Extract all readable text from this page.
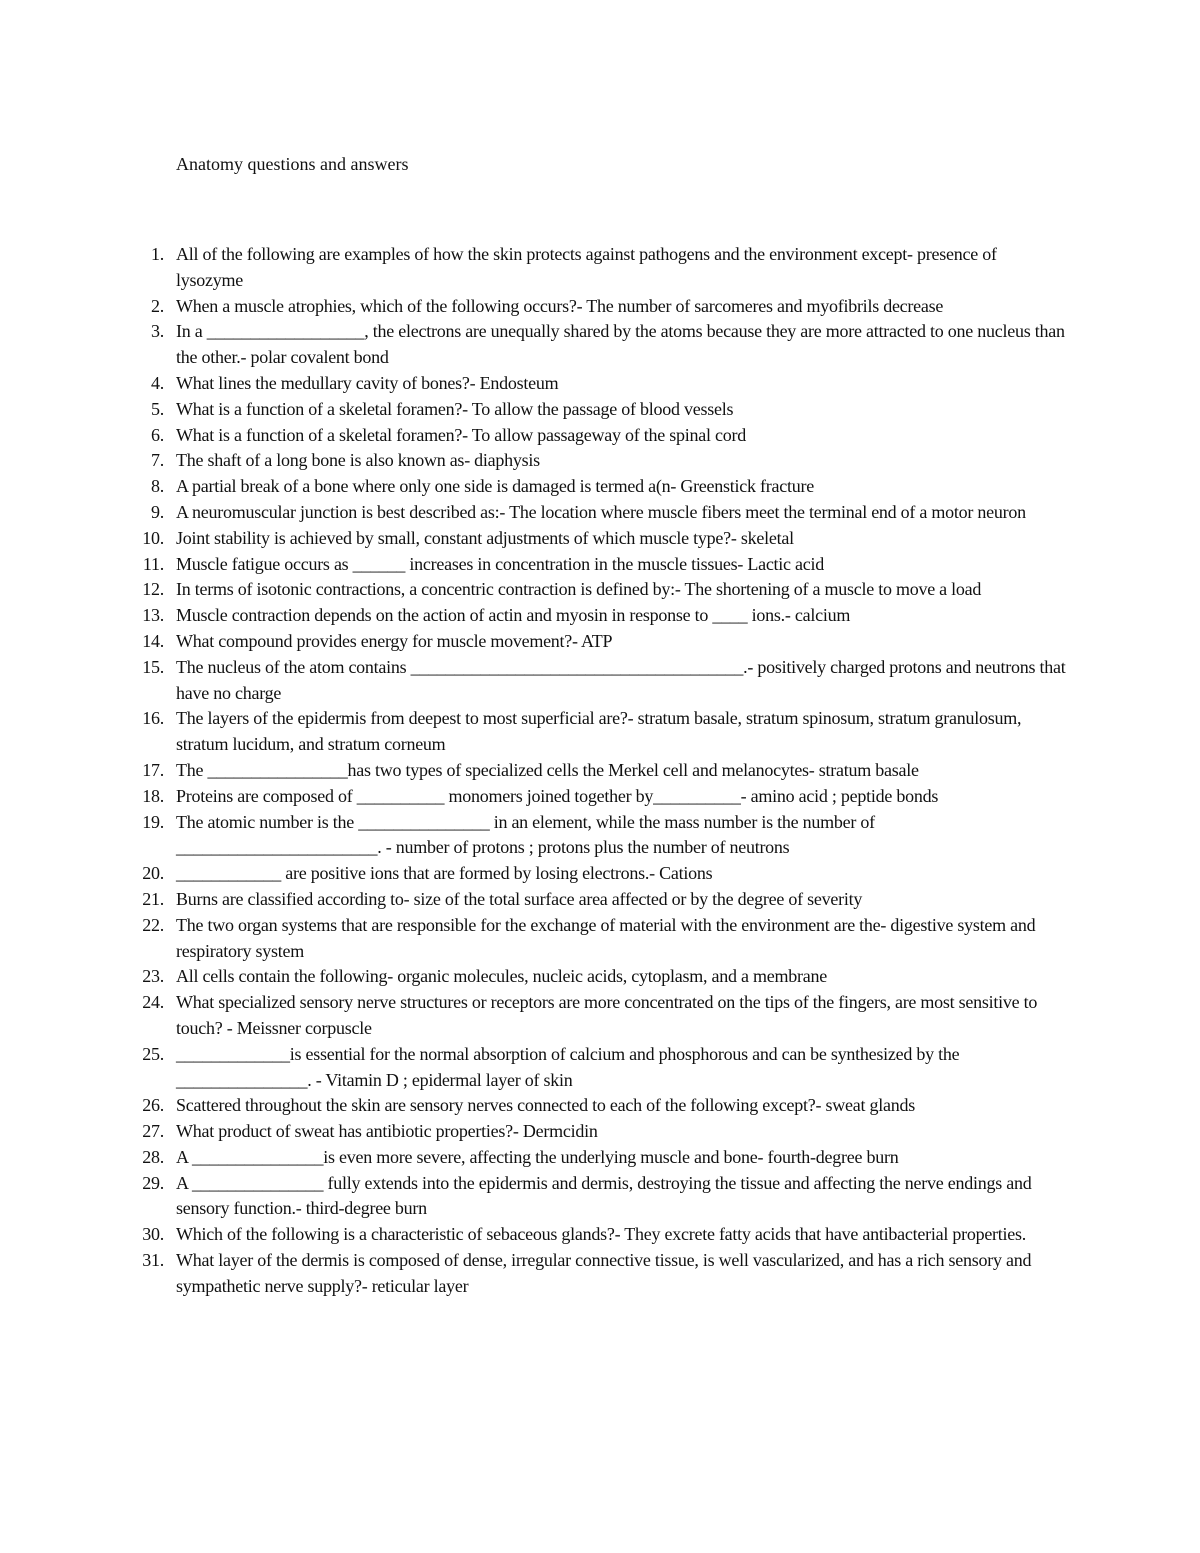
Anatomy questions and answers
1. All of the following are examples of how the skin protects against pathogens and the environment except- presence of lysozyme
2. When a muscle atrophies, which of the following occurs?- The number of sarcomeres and myofibrils decrease
3. In a __________________, the electrons are unequally shared by the atoms because they are more attracted to one nucleus than the other.- polar covalent bond
4. What lines the medullary cavity of bones?- Endosteum
5. What is a function of a skeletal foramen?- To allow the passage of blood vessels
6. What is a function of a skeletal foramen?- To allow passageway of the spinal cord
7. The shaft of a long bone is also known as- diaphysis
8. A partial break of a bone where only one side is damaged is termed a(n- Greenstick fracture
9. A neuromuscular junction is best described as:- The location where muscle fibers meet the terminal end of a motor neuron
10. Joint stability is achieved by small, constant adjustments of which muscle type?- skeletal
11. Muscle fatigue occurs as ______ increases in concentration in the muscle tissues- Lactic acid
12. In terms of isotonic contractions, a concentric contraction is defined by:- The shortening of a muscle to move a load
13. Muscle contraction depends on the action of actin and myosin in response to ____ ions.- calcium
14. What compound provides energy for muscle movement?- ATP
15. The nucleus of the atom contains ______________________________________.- positively charged protons and neutrons that have no charge
16. The layers of the epidermis from deepest to most superficial are?- stratum basale, stratum spinosum, stratum granulosum, stratum lucidum, and stratum corneum
17. The ________________has two types of specialized cells the Merkel cell and melanocytes- stratum basale
18. Proteins are composed of __________ monomers joined together by__________- amino acid ; peptide bonds
19. The atomic number is the _______________ in an element, while the mass number is the number of _______________________. - number of protons ; protons plus the number of neutrons
20. ____________ are positive ions that are formed by losing electrons.- Cations
21. Burns are classified according to- size of the total surface area affected or by the degree of severity
22. The two organ systems that are responsible for the exchange of material with the environment are the- digestive system and respiratory system
23. All cells contain the following- organic molecules, nucleic acids, cytoplasm, and a membrane
24. What specialized sensory nerve structures or receptors are more concentrated on the tips of the fingers, are most sensitive to touch? - Meissner corpuscle
25. _____________is essential for the normal absorption of calcium and phosphorous and can be synthesized by the _______________. - Vitamin D ; epidermal layer of skin
26. Scattered throughout the skin are sensory nerves connected to each of the following except?- sweat glands
27. What product of sweat has antibiotic properties?- Dermcidin
28. A _______________is even more severe, affecting the underlying muscle and bone- fourth-degree burn
29. A _______________ fully extends into the epidermis and dermis, destroying the tissue and affecting the nerve endings and sensory function.- third-degree burn
30. Which of the following is a characteristic of sebaceous glands?- They excrete fatty acids that have antibacterial properties.
31. What layer of the dermis is composed of dense, irregular connective tissue, is well vascularized, and has a rich sensory and sympathetic nerve supply?- reticular layer
